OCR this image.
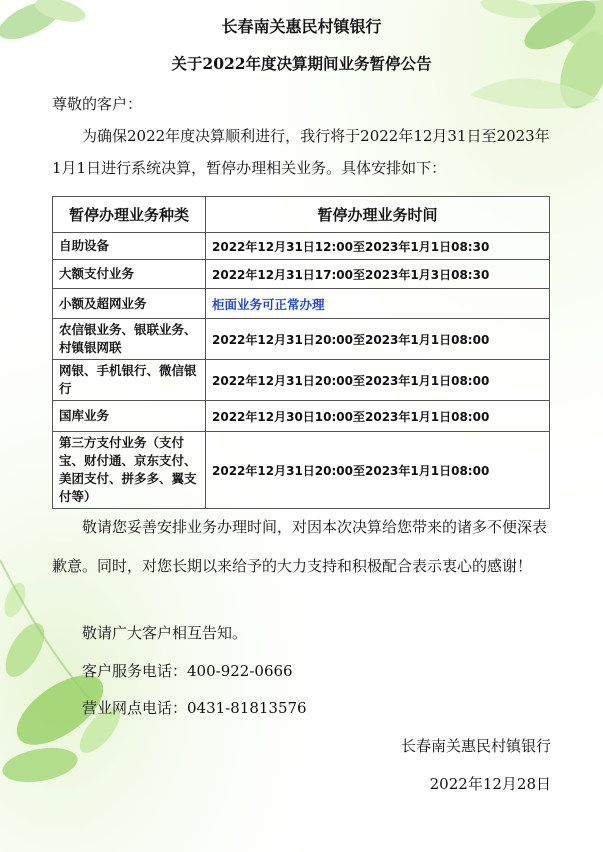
长春南关惠民村镇银行
关于2022年度决算期间业务暂停公告
尊敬的客户：
为确保2022年度决算顺利进行，我行将于2022年12月31日至2023年1月1日进行系统决算，暂停办理相关业务。具体安排如下：
暂停办理业务种类	暂停办理业务时间
自助设备	2022年12月31日12:00至2023年1月1日08:30
大额支付业务	2022年12月31日17:00至2023年1月3日08:30
小额及超网业务	柜面业务可正常办理
农信银业务、银联业务、村镇银网联	2022年12月31日20:00至2023年1月1日08:00
网银、手机银行、微信银行	2022年12月31日20:00至2023年1月1日08:00
国库业务	2022年12月30日10:00至2023年1月1日08:00
第三方支付业务（支付宝、财付通、京东支付、美团支付、拼多多、翼支付等）	2022年12月31日20:00至2023年1月1日08:00
敬请您妥善安排业务办理时间，对因本次决算给您带来的诸多不便深表歉意。同时，对您长期以来给予的大力支持和积极配合表示衷心的感谢！
敬请广大客户相互告知。
客户服务电话：400-922-0666
营业网点电话：0431-81813576
长春南关惠民村镇银行
2022年12月28日
